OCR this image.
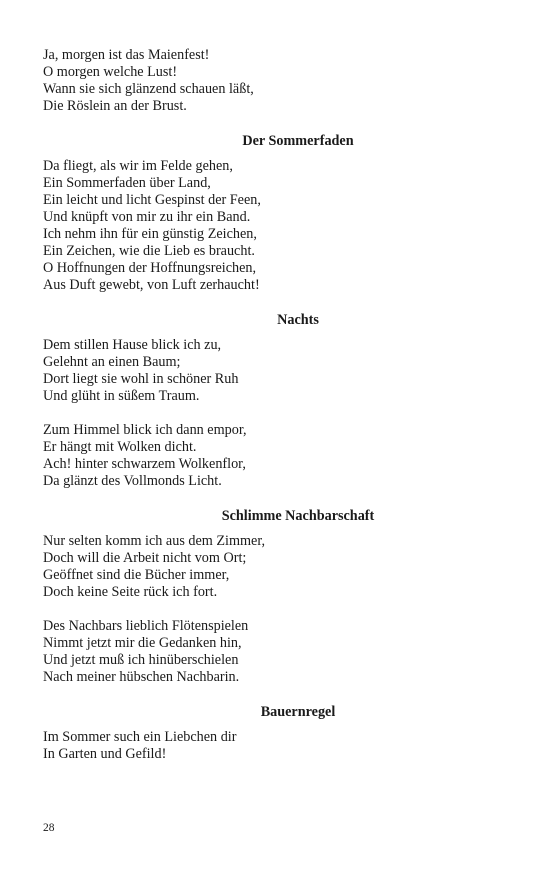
Ja, morgen ist das Maienfest!
O morgen welche Lust!
Wann sie sich glänzend schauen läßt,
Die Röslein an der Brust.
Der Sommerfaden
Da fliegt, als wir im Felde gehen,
Ein Sommerfaden über Land,
Ein leicht und licht Gespinst der Feen,
Und knüpft von mir zu ihr ein Band.
Ich nehm ihn für ein günstig Zeichen,
Ein Zeichen, wie die Lieb es braucht.
O Hoffnungen der Hoffnungsreichen,
Aus Duft gewebt, von Luft zerhaucht!
Nachts
Dem stillen Hause blick ich zu,
Gelehnt an einen Baum;
Dort liegt sie wohl in schöner Ruh
Und glüht in süßem Traum.
Zum Himmel blick ich dann empor,
Er hängt mit Wolken dicht.
Ach! hinter schwarzem Wolkenflor,
Da glänzt des Vollmonds Licht.
Schlimme Nachbarschaft
Nur selten komm ich aus dem Zimmer,
Doch will die Arbeit nicht vom Ort;
Geöffnet sind die Bücher immer,
Doch keine Seite rück ich fort.
Des Nachbars lieblich Flötenspielen
Nimmt jetzt mir die Gedanken hin,
Und jetzt muß ich hinüberschielen
Nach meiner hübschen Nachbarin.
Bauernregel
Im Sommer such ein Liebchen dir
In Garten und Gefild!
28
